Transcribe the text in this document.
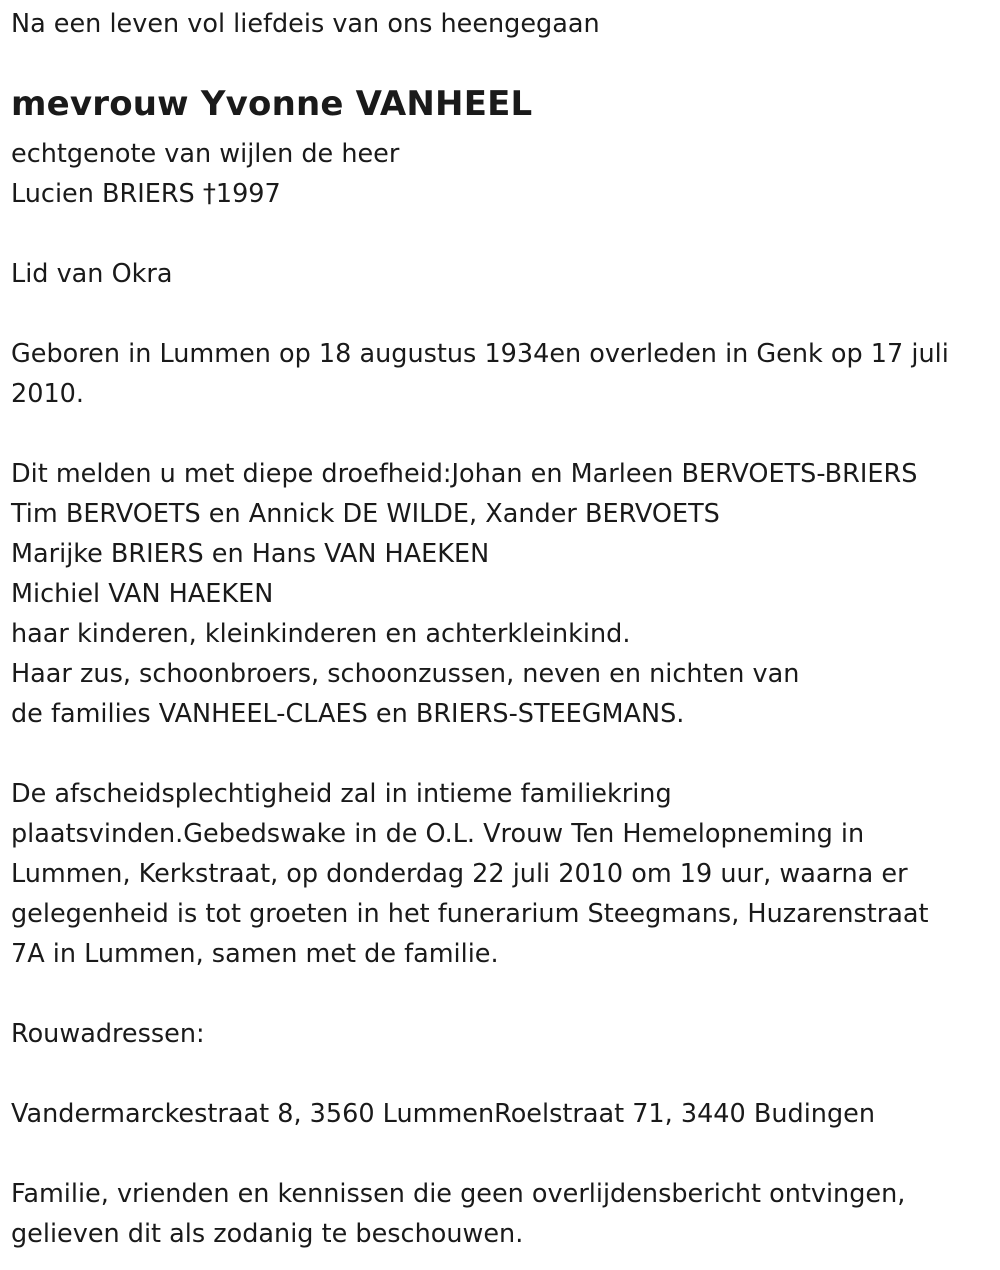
Na een leven vol liefdeis van ons heengegaan
mevrouw Yvonne VANHEEL
echtgenote van wijlen de heer
Lucien BRIERS †1997
Lid van Okra
Geboren in Lummen op 18 augustus 1934en overleden in Genk op 17 juli
2010.
Dit melden u met diepe droefheid:Johan en Marleen BERVOETS-BRIERS
Tim BERVOETS en Annick DE WILDE, Xander BERVOETS
Marijke BRIERS en Hans VAN HAEKEN
Michiel VAN HAEKEN
haar kinderen, kleinkinderen en achterkleinkind.
Haar zus, schoonbroers, schoonzussen, neven en nichten van
de families VANHEEL-CLAES en BRIERS-STEEGMANS.
De afscheidsplechtigheid zal in intieme familiekring
plaatsvinden.Gebedswake in de O.L. Vrouw Ten Hemelopneming in
Lummen, Kerkstraat, op donderdag 22 juli 2010 om 19 uur, waarna er
gelegenheid is tot groeten in het funerarium Steegmans, Huzarenstraat
7A in Lummen, samen met de familie.
Rouwadressen:
Vandermarckestraat 8, 3560 LummenRoelstraat 71, 3440 Budingen
Familie, vrienden en kennissen die geen overlijdensbericht ontvingen,
gelieven dit als zodanig te beschouwen.
